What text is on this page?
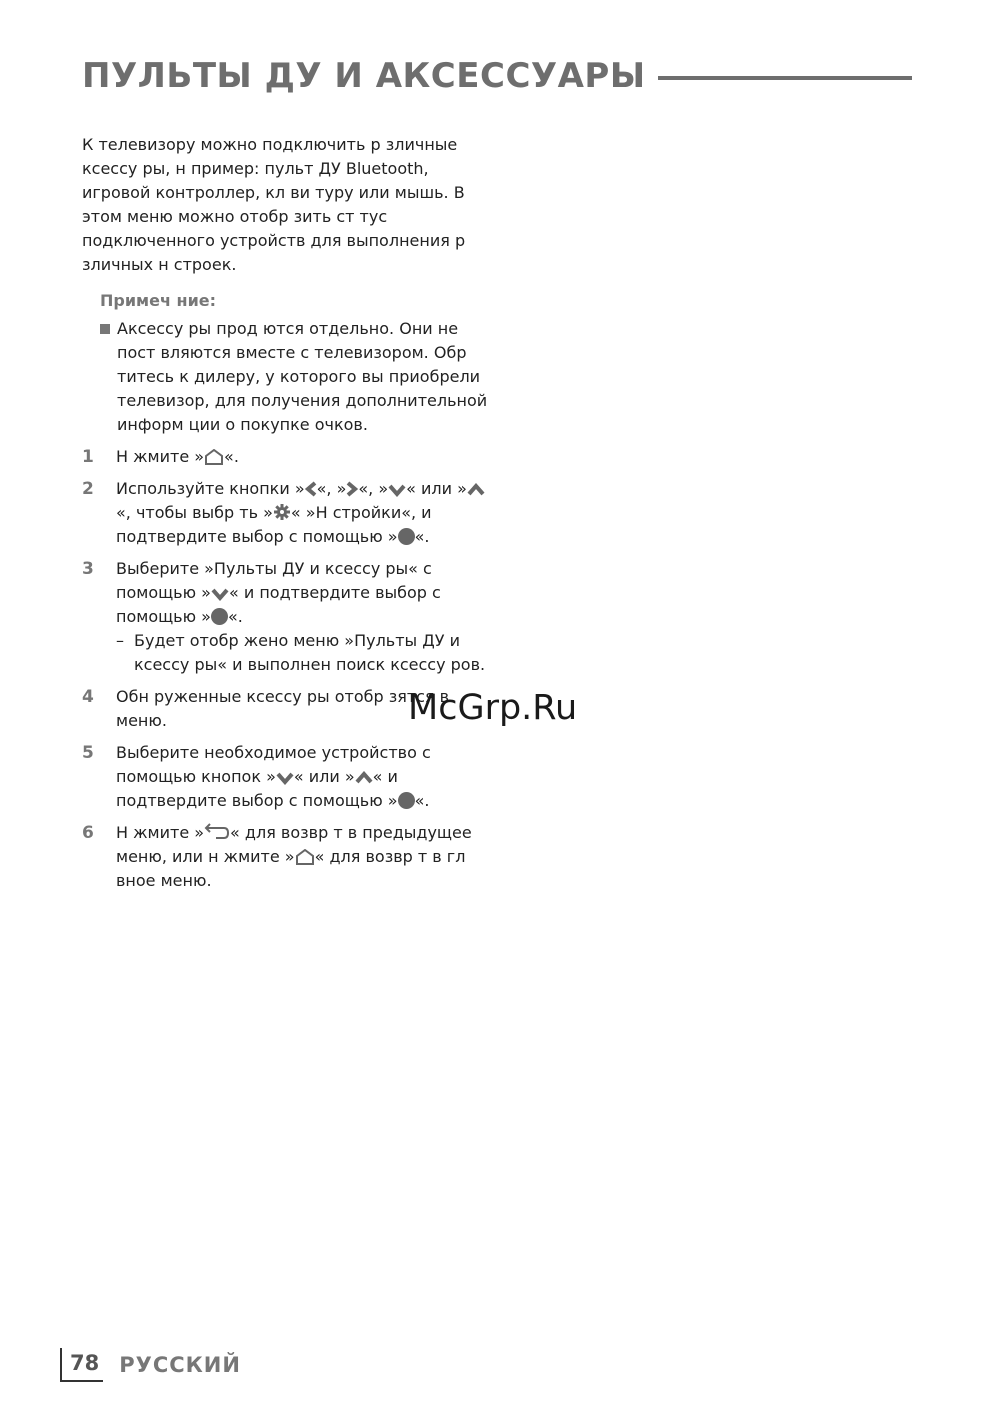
ПУЛЬТЫ ДУ И АКСЕССУАРЫ

К телевизору можно подключить р зличные ксессу ры, н пример: пульт ДУ Bluetooth, игровой контроллер, кл ви туру или мышь. В этом меню можно отобр зить ст тус подключенного устройств для выполнения р зличных н строек.

Примеч ние:
Аксессу ры прод ются отдельно. Они не пост вляются вместе с телевизором. Обр титесь к дилеру, у которого вы приобрели телевизор, для получения дополнительной информ ции о покупке очков.
1	Н жмите » «.
2	Используйте кнопки » «, » «, » « или »«, чтобы выбр ть » « »Н стройки«, и подтвердите выбор с помощью » «.
3	Выберите »Пульты ДУ и ксессу ры« с помощью » « и подтвердите выбор с помощью » «.
– Будет отобр жено меню »Пульты ДУ и ксессу ры« и выполнен поиск ксессу ров.
4	Обн руженные ксессу ры отобр зятся в меню.
5	Выберите необходимое устройство с помощью кнопок » « или » « и подтвердите выбор с помощью » «.
6	Н жмите » « для возвр т в предыдущее меню, или н жмите » « для возвр т в гл вное меню.
McGrp.Ru
78 РУССКИЙ
